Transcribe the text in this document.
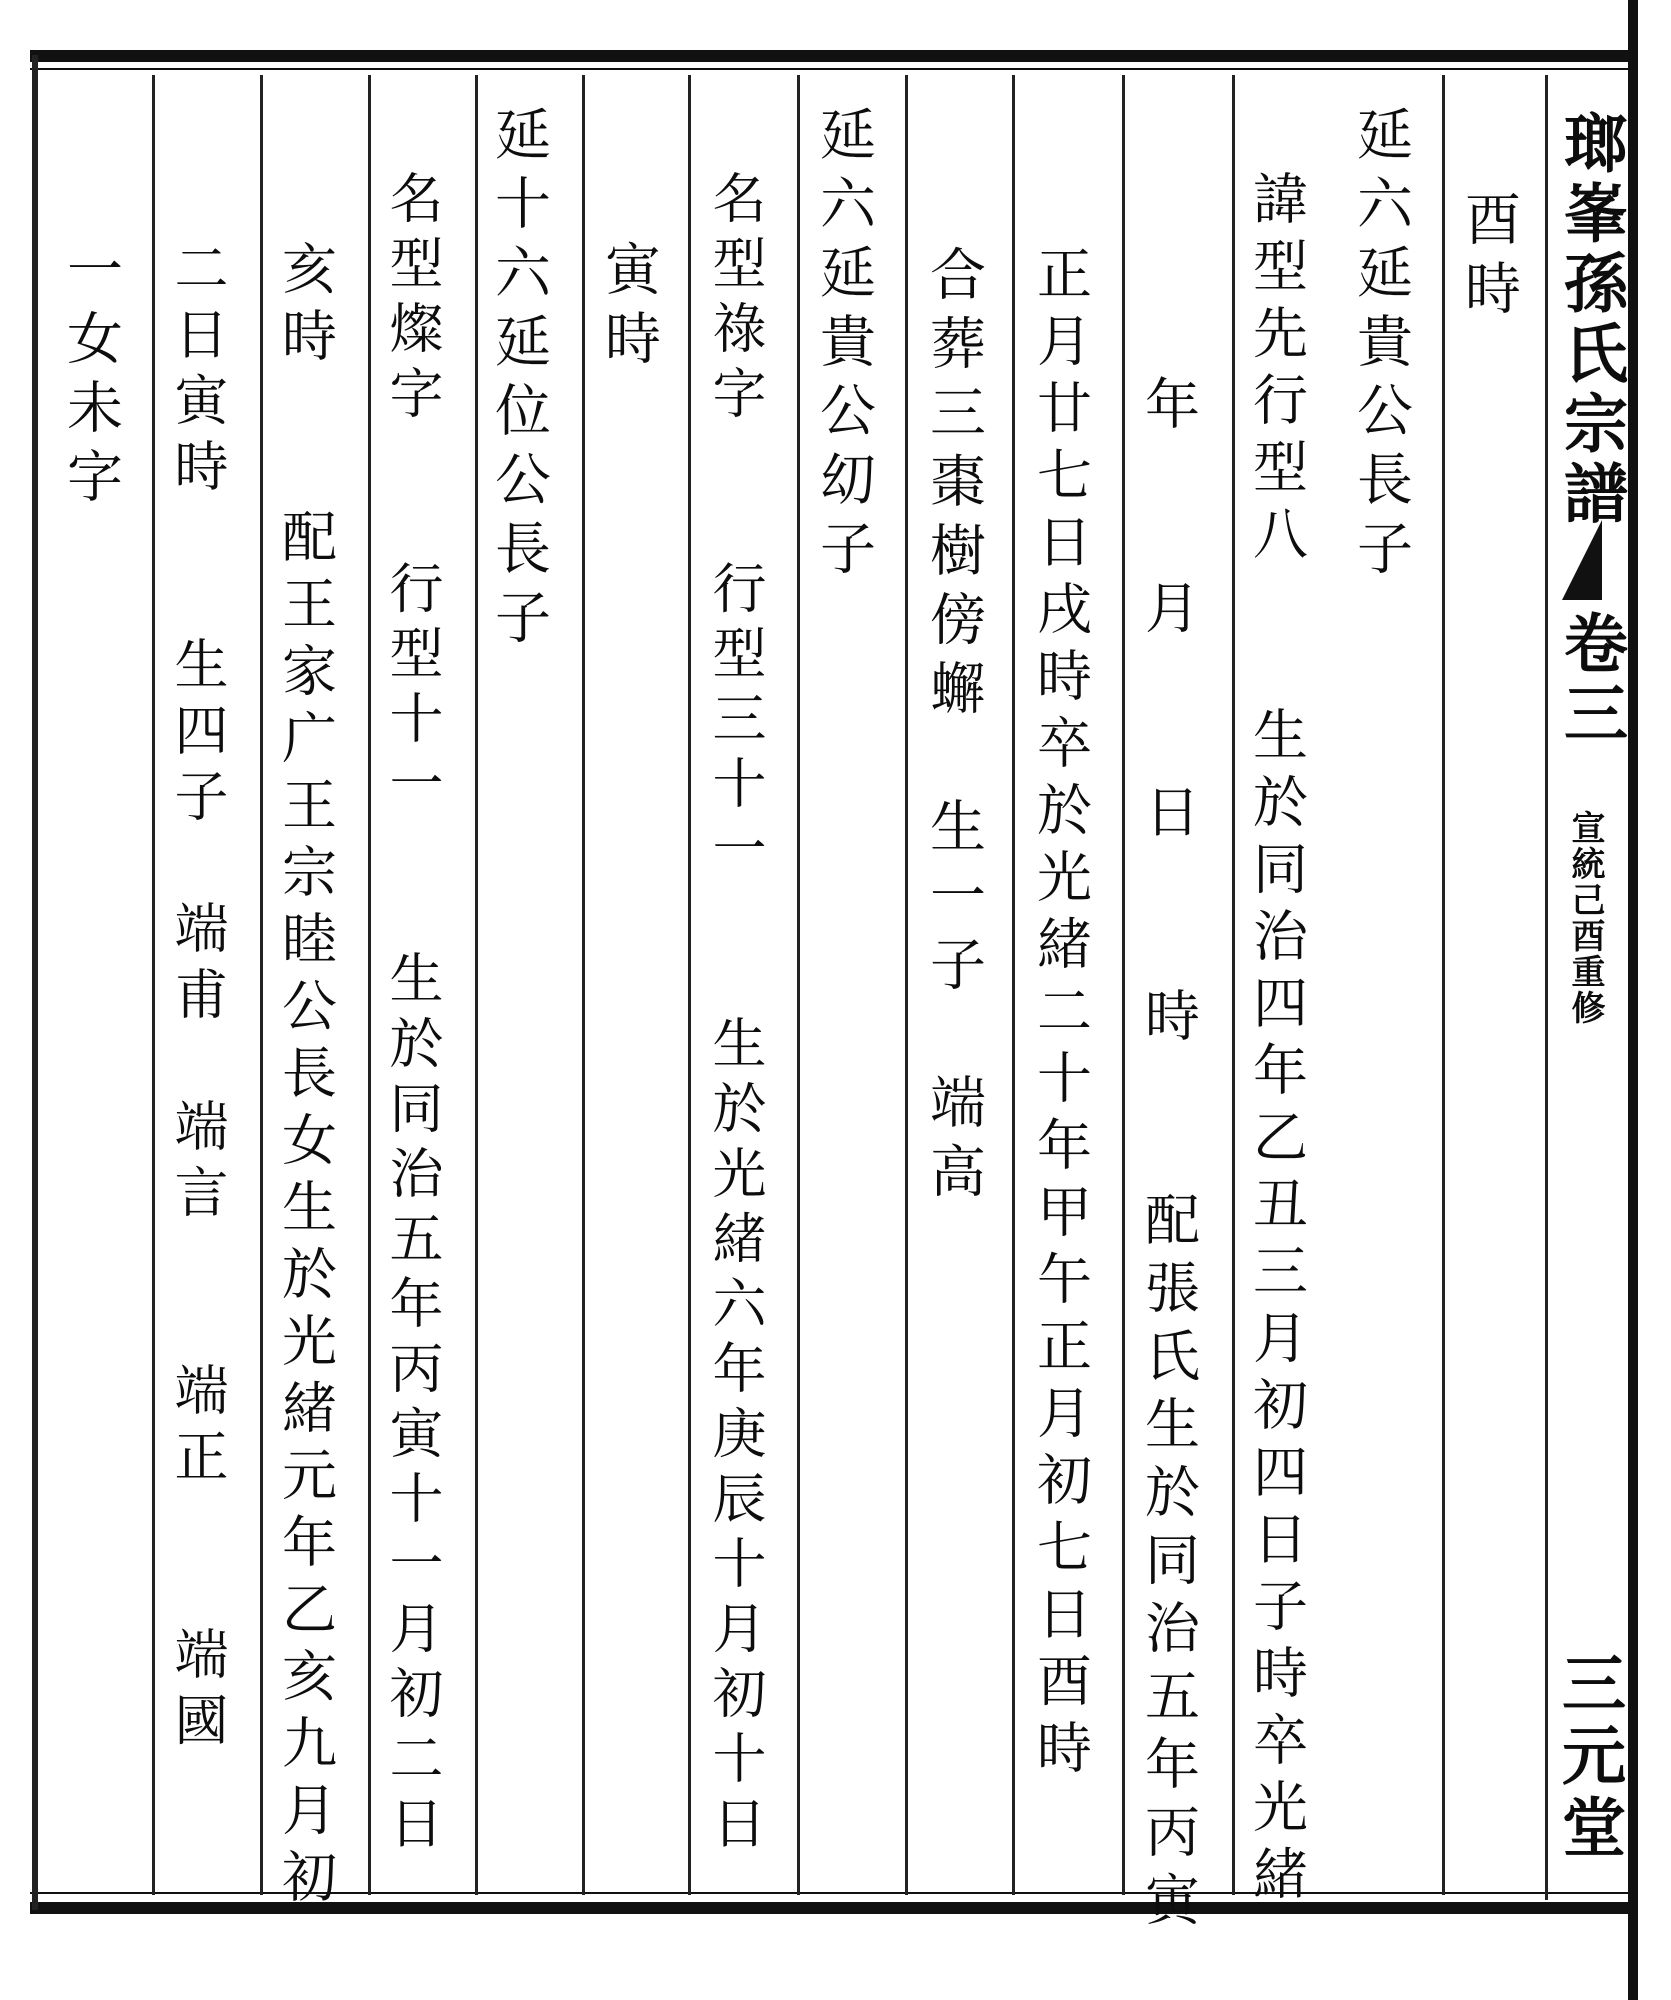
瑯峯孫氏宗譜
卷三
宣統己酉重修
三元堂
酉時
延六延貴公長子
諱型先行型八　　生於同治四年乙丑三月初四日子時卒光緒
年　　月　　日　　時　　配張氏生於同治五年丙寅
正月廿七日戌時卒於光緒二十年甲午正月初七日酉時
合葬三棗樹傍蠏　生一子　端高
延六延貴公㓜子
名型祿字　　行型三十一　　生於光緒六年庚辰十月初十日
寅時
延十六延位公長子
名型燦字　　行型十一　　生於同治五年丙寅十一月初二日
亥時　　配王家广王宗睦公長女生於光緒元年乙亥九月初
二日寅時　　生四子　端甫　端言　　端正　　端國
一女未字
